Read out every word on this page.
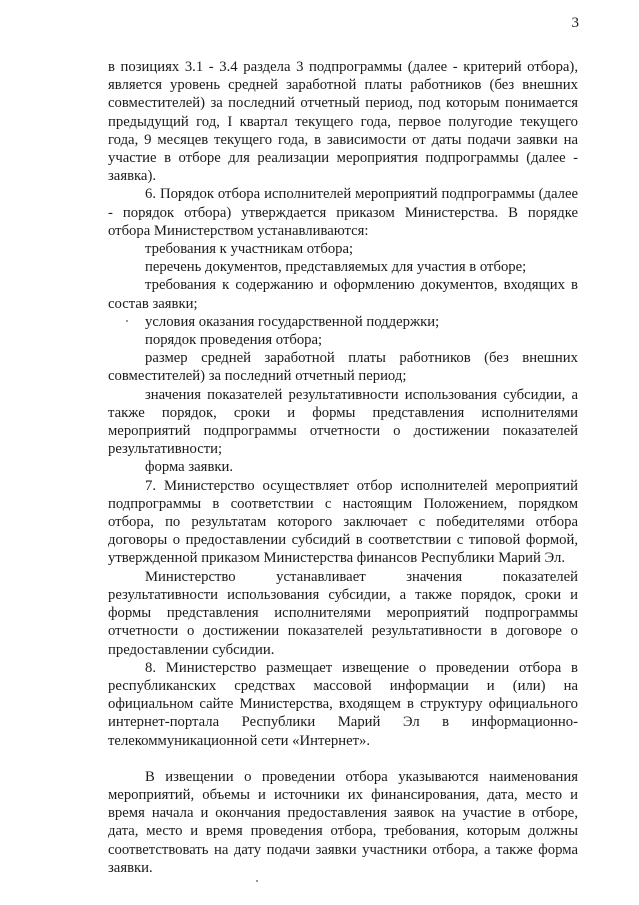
3

в позициях 3.1 - 3.4 раздела 3 подпрограммы (далее - критерий отбора), является уровень средней заработной платы работников (без внешних совместителей) за последний отчетный период, под которым понимается предыдущий год, I квартал текущего года, первое полугодие текущего года, 9 месяцев текущего года, в зависимости от даты подачи заявки на участие в отборе для реализации мероприятия подпрограммы (далее - заявка).

6. Порядок отбора исполнителей мероприятий подпрограммы (далее - порядок отбора) утверждается приказом Министерства. В порядке отбора Министерством устанавливаются:

требования к участникам отбора;

перечень документов, представляемых для участия в отборе;

требования к содержанию и оформлению документов, входящих в состав заявки;

условия оказания государственной поддержки;

порядок проведения отбора;

размер средней заработной платы работников (без внешних совместителей) за последний отчетный период;

значения показателей результативности использования субсидии, а также порядок, сроки и формы представления исполнителями мероприятий подпрограммы отчетности о достижении показателей результативности;

форма заявки.

7. Министерство осуществляет отбор исполнителей мероприятий подпрограммы в соответствии с настоящим Положением, порядком отбора, по результатам которого заключает с победителями отбора договоры о предоставлении субсидий в соответствии с типовой формой, утвержденной приказом Министерства финансов Республики Марий Эл.

Министерство устанавливает значения показателей результативности использования субсидии, а также порядок, сроки и формы представления исполнителями мероприятий подпрограммы отчетности о достижении показателей результативности в договоре о предоставлении субсидии.

8. Министерство размещает извещение о проведении отбора в республиканских средствах массовой информации и (или) на официальном сайте Министерства, входящем в структуру официального интернет-портала Республики Марий Эл в информационно-телекоммуникационной сети «Интернет».

В извещении о проведении отбора указываются наименования мероприятий, объемы и источники их финансирования, дата, место и время начала и окончания предоставления заявок на участие в отборе, дата, место и время проведения отбора, требования, которым должны соответствовать на дату подачи заявки участники отбора, а также форма заявки.
